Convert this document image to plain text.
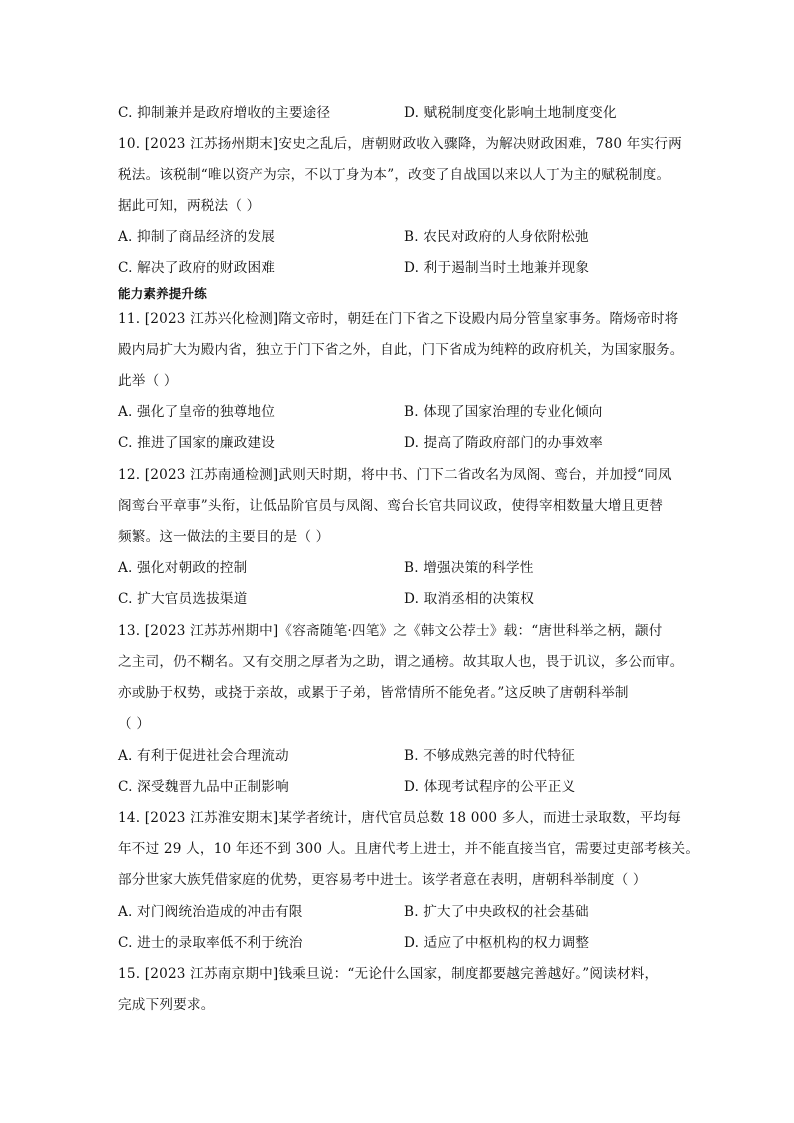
C. 抑制兼并是政府增收的主要途径	D. 赋税制度变化影响土地制度变化
10. [2023 江苏扬州期末]安史之乱后，唐朝财政收入骤降，为解决财政困难，780 年实行两
税法。该税制“唯以资产为宗，不以丁身为本”，改变了自战国以来以人丁为主的赋税制度。
据此可知，两税法（ ）
A. 抑制了商品经济的发展	B. 农民对政府的人身依附松弛
C. 解决了政府的财政困难	D. 利于遏制当时土地兼并现象
能力素养提升练
11. [2023 江苏兴化检测]隋文帝时，朝廷在门下省之下设殿内局分管皇家事务。隋炀帝时将
殿内局扩大为殿内省，独立于门下省之外，自此，门下省成为纯粹的政府机关，为国家服务。
此举（ ）
A. 强化了皇帝的独尊地位	B. 体现了国家治理的专业化倾向
C. 推进了国家的廉政建设	D. 提高了隋政府部门的办事效率
12. [2023 江苏南通检测]武则天时期，将中书、门下二省改名为凤阁、鸾台，并加授“同凤
阁鸾台平章事”头衔，让低品阶官员与凤阁、鸾台长官共同议政，使得宰相数量大增且更替
频繁。这一做法的主要目的是（ ）
A. 强化对朝政的控制	B. 增强决策的科学性
C. 扩大官员选拔渠道	D. 取消丞相的决策权
13. [2023 江苏苏州期中]《容斋随笔·四笔》之《韩文公荐士》载：“唐世科举之柄，颛付
之主司，仍不糊名。又有交朋之厚者为之助，谓之通榜。故其取人也，畏于讥议，多公而审。
亦或胁于权势，或挠于亲故，或累于子弟，皆常情所不能免者。”这反映了唐朝科举制
（ ）
A. 有利于促进社会合理流动	B. 不够成熟完善的时代特征
C. 深受魏晋九品中正制影响	D. 体现考试程序的公平正义
14. [2023 江苏淮安期末]某学者统计，唐代官员总数 18 000 多人，而进士录取数，平均每
年不过 29 人，10 年还不到 300 人。且唐代考上进士，并不能直接当官，需要过吏部考核关。
部分世家大族凭借家庭的优势，更容易考中进士。该学者意在表明，唐朝科举制度（ ）
A. 对门阀统治造成的冲击有限	B. 扩大了中央政权的社会基础
C. 进士的录取率低不利于统治	D. 适应了中枢机构的权力调整
15. [2023 江苏南京期中]钱乘旦说：“无论什么国家，制度都要越完善越好。”阅读材料，
完成下列要求。
